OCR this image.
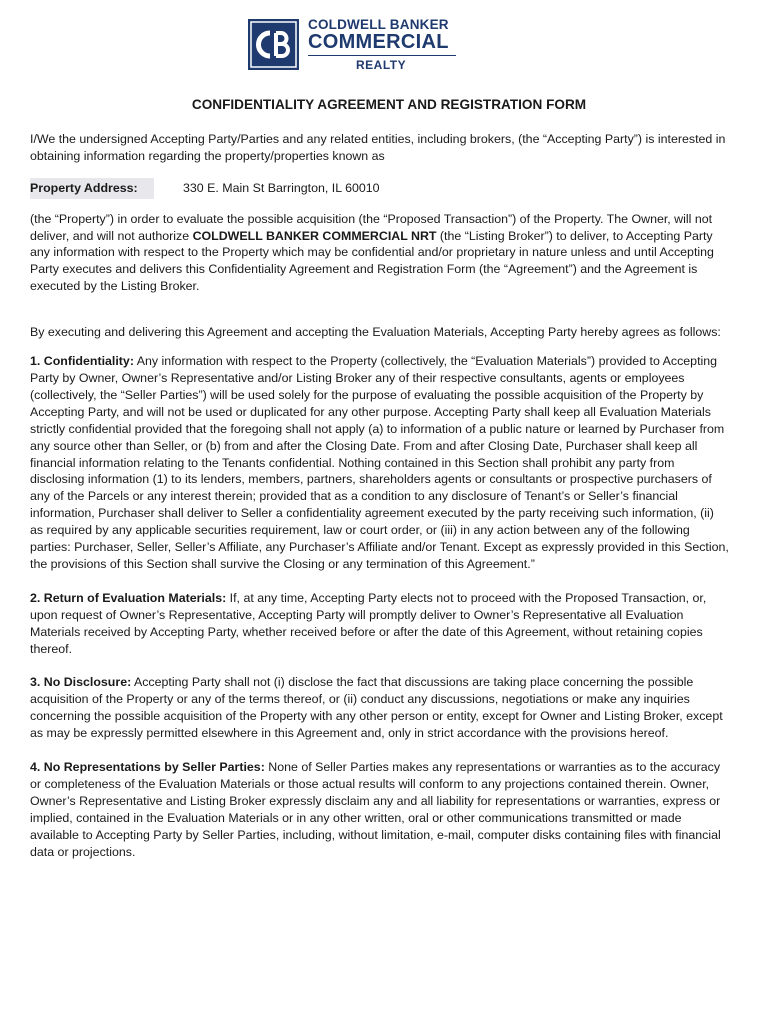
COLDWELL BANKER
COMMERCIAL
REALTY
CONFIDENTIALITY AGREEMENT AND REGISTRATION FORM

I/We the undersigned Accepting Party/Parties and any related entities, including brokers, (the “Accepting Party”) is interested in obtaining information regarding the property/properties known as

Property Address:	330 E. Main St Barrington, IL 60010

(the “Property”) in order to evaluate the possible acquisition (the “Proposed Transaction”) of the Property. The Owner, will not deliver, and will not authorize COLDWELL BANKER COMMERCIAL NRT (the “Listing Broker”) to deliver, to Accepting Party any information with respect to the Property which may be confidential and/or proprietary in nature unless and until Accepting Party executes and delivers this Confidentiality Agreement and Registration Form (the “Agreement”) and the Agreement is executed by the Listing Broker.

By executing and delivering this Agreement and accepting the Evaluation Materials, Accepting Party hereby agrees as follows:

1. Confidentiality: Any information with respect to the Property (collectively, the “Evaluation Materials”) provided to Accepting Party by Owner, Owner’s Representative and/or Listing Broker any of their respective consultants, agents or employees (collectively, the “Seller Parties”) will be used solely for the purpose of evaluating the possible acquisition of the Property by Accepting Party, and will not be used or duplicated for any other purpose. Accepting Party shall keep all Evaluation Materials strictly confidential provided that the foregoing shall not apply (a) to information of a public nature or learned by Purchaser from any source other than Seller, or (b) from and after the Closing Date. From and after Closing Date, Purchaser shall keep all financial information relating to the Tenants confidential. Nothing contained in this Section shall prohibit any party from disclosing information (1) to its lenders, members, partners, shareholders agents or consultants or prospective purchasers of any of the Parcels or any interest therein; provided that as a condition to any disclosure of Tenant’s or Seller’s financial information, Purchaser shall deliver to Seller a confidentiality agreement executed by the party receiving such information, (ii) as required by any applicable securities requirement, law or court order, or (iii) in any action between any of the following parties: Purchaser, Seller, Seller’s Affiliate, any Purchaser’s Affiliate and/or Tenant. Except as expressly provided in this Section, the provisions of this Section shall survive the Closing or any termination of this Agreement.”

2. Return of Evaluation Materials: If, at any time, Accepting Party elects not to proceed with the Proposed Transaction, or, upon request of Owner’s Representative, Accepting Party will promptly deliver to Owner’s Representative all Evaluation Materials received by Accepting Party, whether received before or after the date of this Agreement, without retaining copies thereof.

3. No Disclosure: Accepting Party shall not (i) disclose the fact that discussions are taking place concerning the possible acquisition of the Property or any of the terms thereof, or (ii) conduct any discussions, negotiations or make any inquiries concerning the possible acquisition of the Property with any other person or entity, except for Owner and Listing Broker, except as may be expressly permitted elsewhere in this Agreement and, only in strict accordance with the provisions hereof.

4. No Representations by Seller Parties: None of Seller Parties makes any representations or warranties as to the accuracy or completeness of the Evaluation Materials or those actual results will conform to any projections contained therein. Owner, Owner’s Representative and Listing Broker expressly disclaim any and all liability for representations or warranties, express or implied, contained in the Evaluation Materials or in any other written, oral or other communications transmitted or made available to Accepting Party by Seller Parties, including, without limitation, e-mail, computer disks containing files with financial data or projections.
